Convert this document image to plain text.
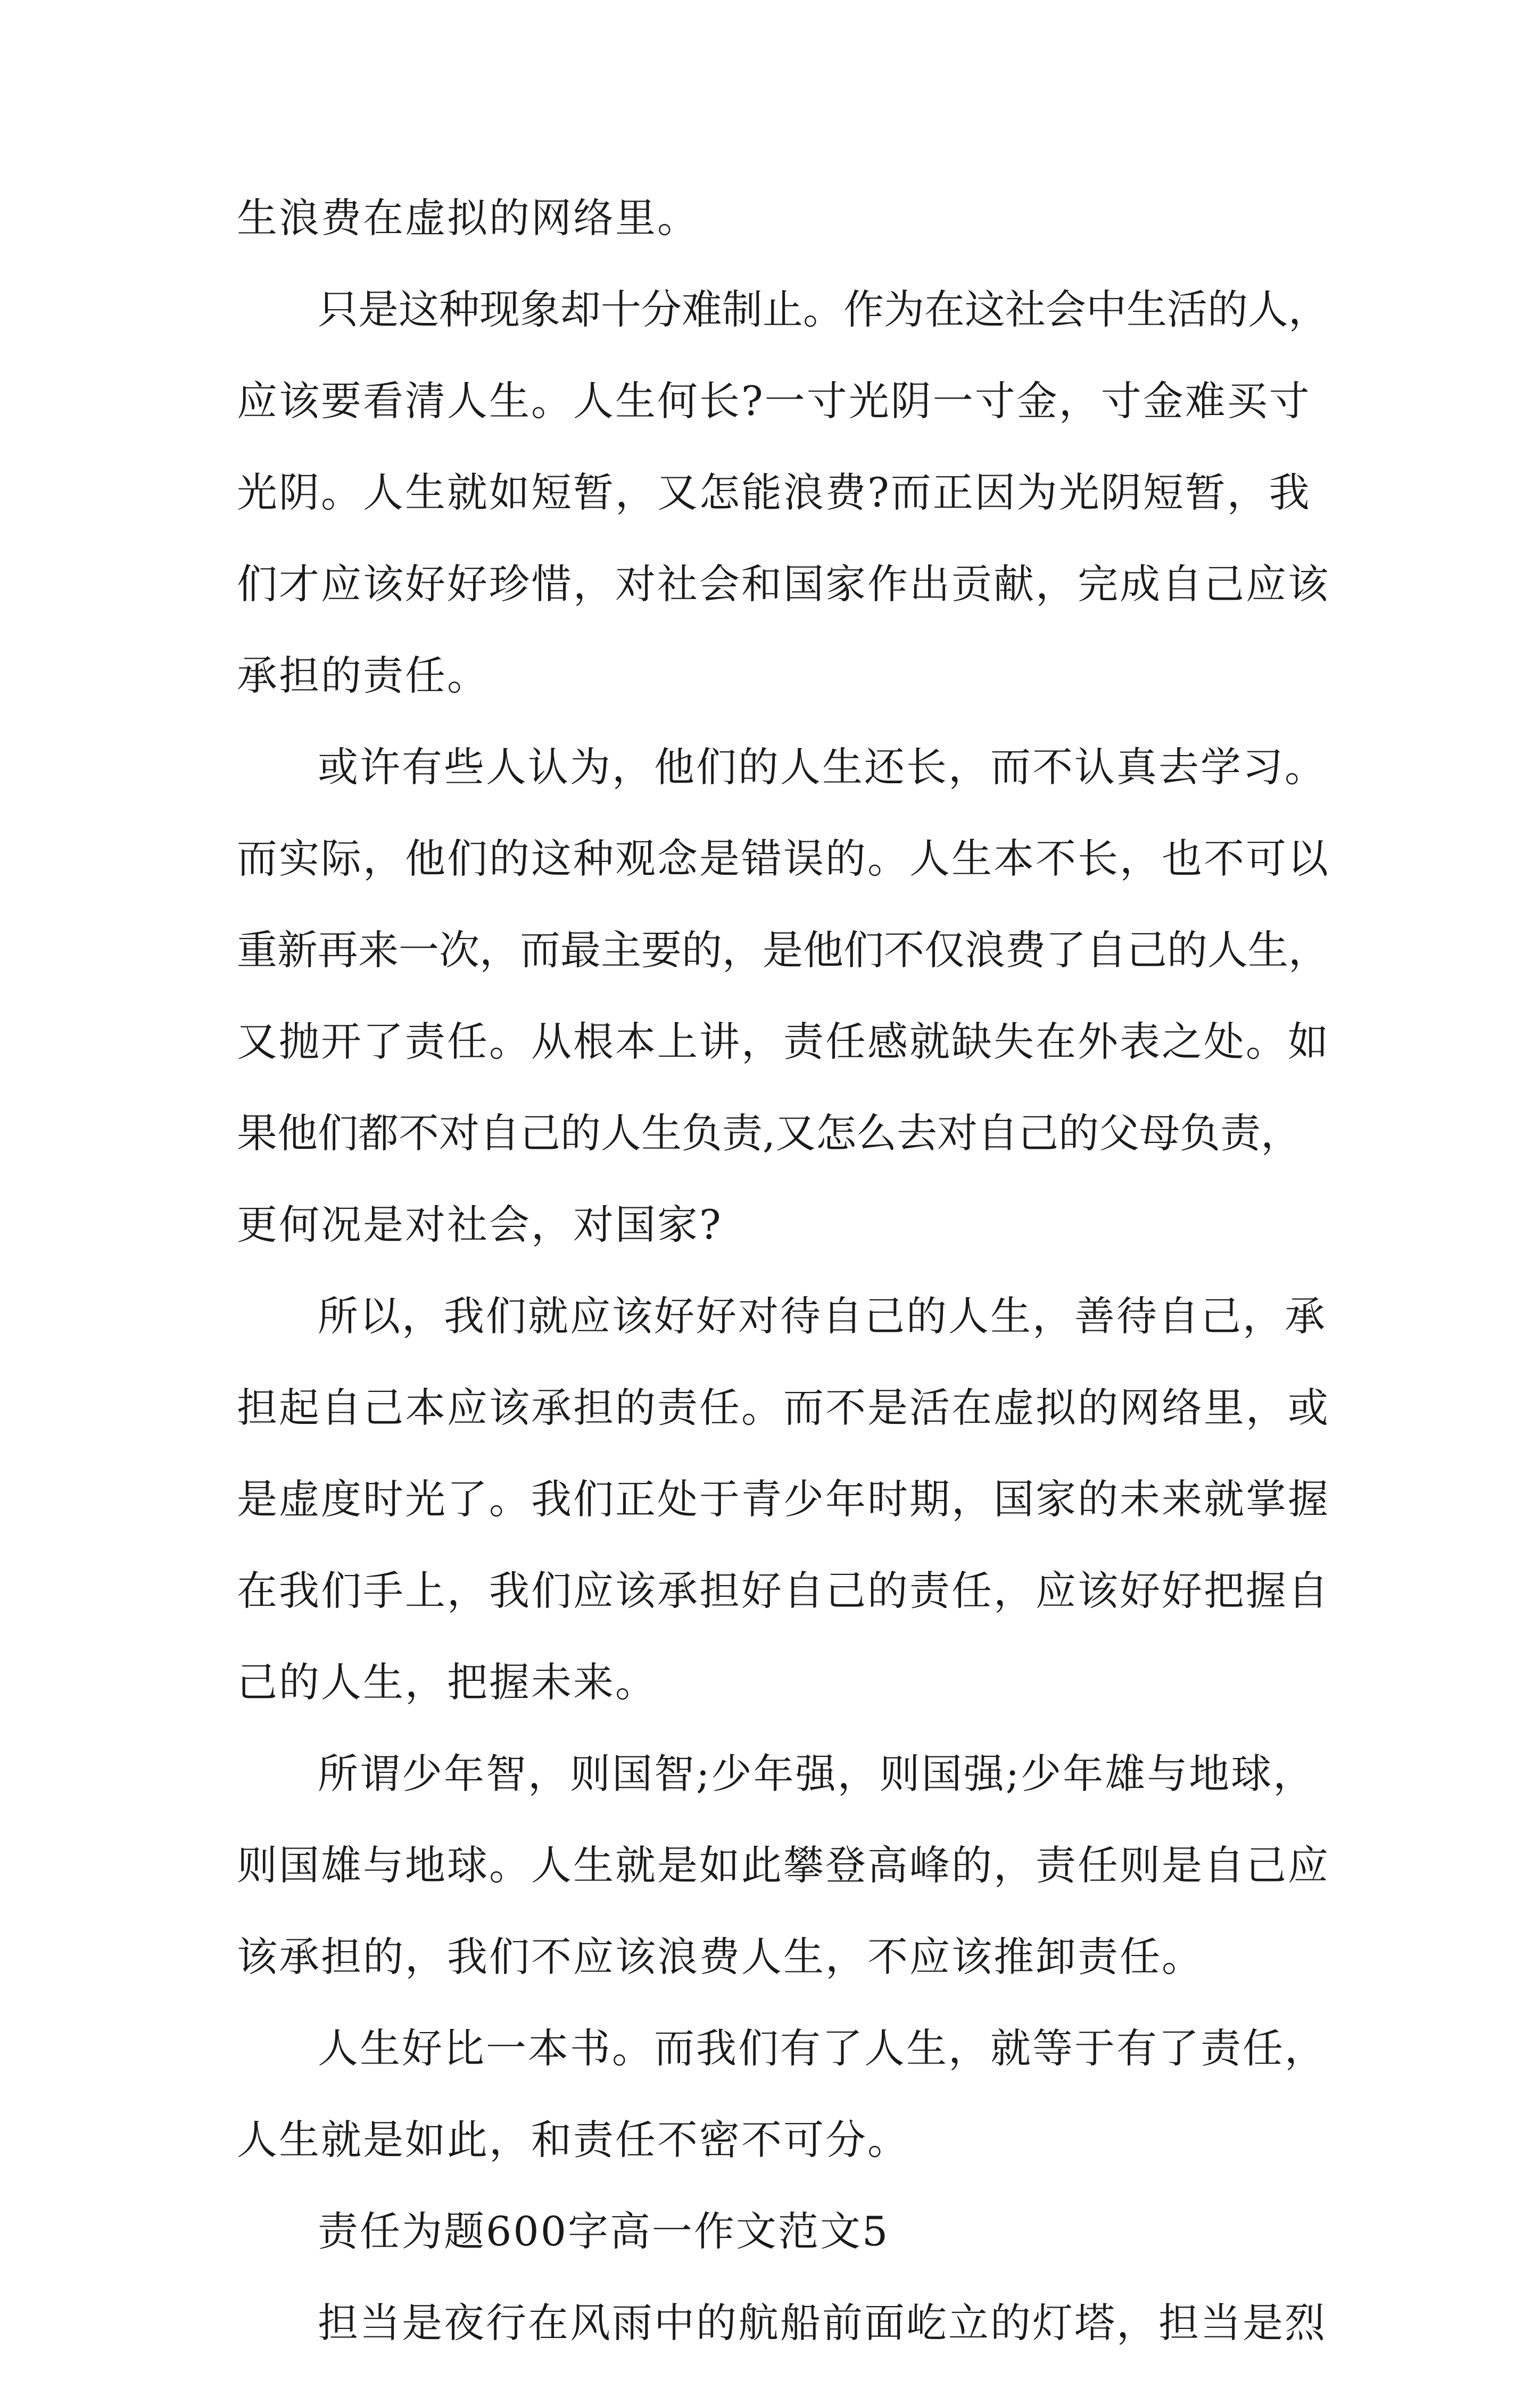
生浪费在虚拟的网络里。
只是这种现象却十分难制止。作为在这社会中生活的人，
应该要看清人生。人生何长?一寸光阴一寸金，寸金难买寸
光阴。人生就如短暂，又怎能浪费?而正因为光阴短暂，我
们才应该好好珍惜，对社会和国家作出贡献，完成自己应该
承担的责任。
或许有些人认为，他们的人生还长，而不认真去学习。
而实际，他们的这种观念是错误的。人生本不长，也不可以
重新再来一次，而最主要的，是他们不仅浪费了自己的人生，
又抛开了责任。从根本上讲，责任感就缺失在外表之处。如
果他们都不对自己的人生负责,又怎么去对自己的父母负责，
更何况是对社会，对国家?
所以，我们就应该好好对待自己的人生，善待自己，承
担起自己本应该承担的责任。而不是活在虚拟的网络里，或
是虚度时光了。我们正处于青少年时期，国家的未来就掌握
在我们手上，我们应该承担好自己的责任，应该好好把握自
己的人生，把握未来。
所谓少年智，则国智;少年强，则国强;少年雄与地球，
则国雄与地球。人生就是如此攀登高峰的，责任则是自己应
该承担的，我们不应该浪费人生，不应该推卸责任。
人生好比一本书。而我们有了人生，就等于有了责任，
人生就是如此，和责任不密不可分。
责任为题600字高一作文范文5
担当是夜行在风雨中的航船前面屹立的灯塔，担当是烈
